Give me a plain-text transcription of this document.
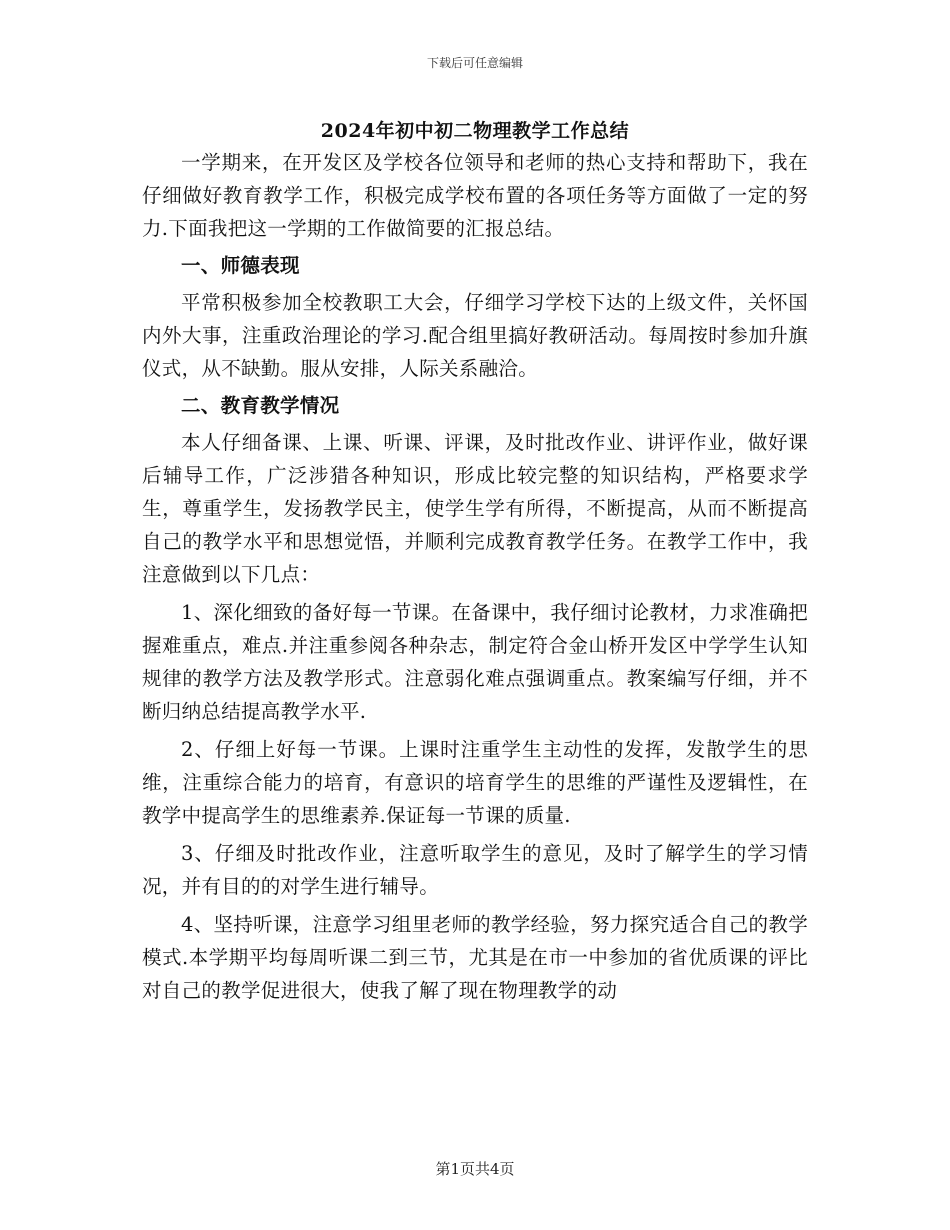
下载后可任意编辑
2024年初中初二物理教学工作总结

一学期来，在开发区及学校各位领导和老师的热心支持和帮助下，我在仔细做好教育教学工作，积极完成学校布置的各项任务等方面做了一定的努力.下面我把这一学期的工作做简要的汇报总结。

一、师德表现

平常积极参加全校教职工大会，仔细学习学校下达的上级文件，关怀国内外大事，注重政治理论的学习.配合组里搞好教研活动。每周按时参加升旗仪式，从不缺勤。服从安排，人际关系融洽。

二、教育教学情况

本人仔细备课、上课、听课、评课，及时批改作业、讲评作业，做好课后辅导工作，广泛涉猎各种知识，形成比较完整的知识结构，严格要求学生，尊重学生，发扬教学民主，使学生学有所得，不断提高，从而不断提高自己的教学水平和思想觉悟，并顺利完成教育教学任务。在教学工作中，我注意做到以下几点：

1、深化细致的备好每一节课。在备课中，我仔细讨论教材，力求准确把握难重点，难点.并注重参阅各种杂志，制定符合金山桥开发区中学学生认知规律的教学方法及教学形式。注意弱化难点强调重点。教案编写仔细，并不断归纳总结提高教学水平.

2、仔细上好每一节课。上课时注重学生主动性的发挥，发散学生的思维，注重综合能力的培育，有意识的培育学生的思维的严谨性及逻辑性，在教学中提高学生的思维素养.保证每一节课的质量.

3、仔细及时批改作业，注意听取学生的意见，及时了解学生的学习情况，并有目的的对学生进行辅导。

4、坚持听课，注意学习组里老师的教学经验，努力探究适合自己的教学模式.本学期平均每周听课二到三节，尤其是在市一中参加的省优质课的评比对自己的教学促进很大，使我了解了现在物理教学的动

第1页共4页
